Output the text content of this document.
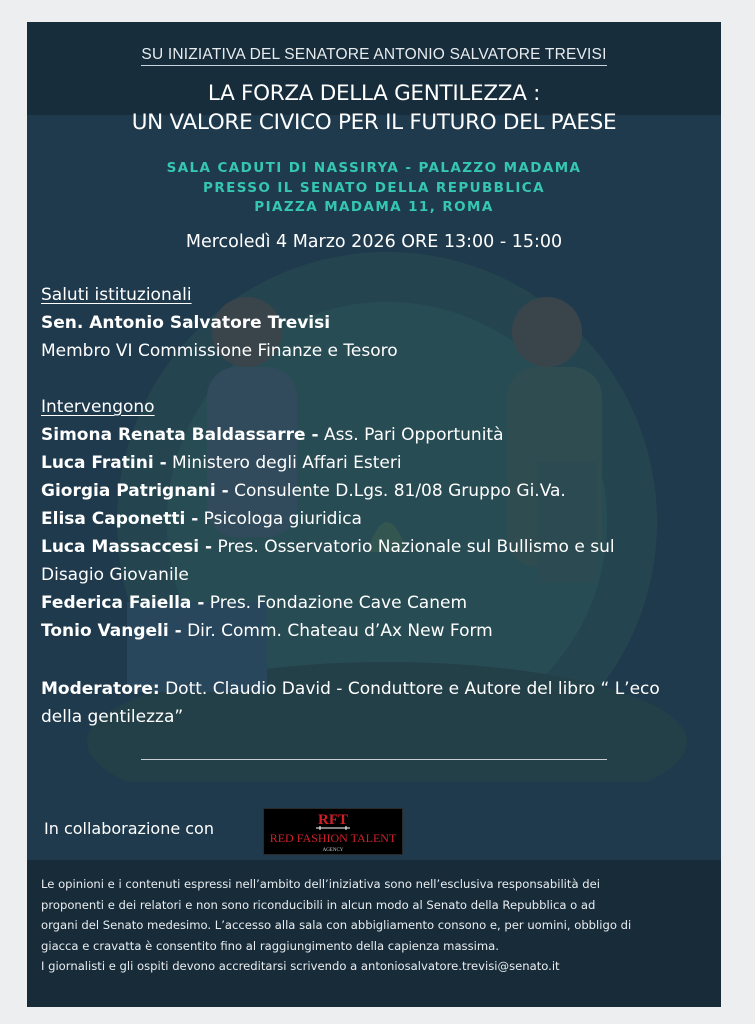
SU INIZIATIVA DEL SENATORE ANTONIO SALVATORE TREVISI
LA FORZA DELLA GENTILEZZA :
UN VALORE CIVICO PER IL FUTURO DEL PAESE
SALA CADUTI DI NASSIRYA - PALAZZO MADAMA
PRESSO IL SENATO DELLA REPUBBLICA
PIAZZA MADAMA 11, ROMA
Mercoledì 4 Marzo 2026 ORE 13:00 - 15:00
Saluti istituzionali
Sen. Antonio Salvatore Trevisi
Membro VI Commissione Finanze e Tesoro
Intervengono
Simona Renata Baldassarre - Ass. Pari Opportunità
Luca Fratini - Ministero degli Affari Esteri
Giorgia Patrignani - Consulente D.Lgs. 81/08 Gruppo Gi.Va.
Elisa Caponetti - Psicologa giuridica
Luca Massaccesi - Pres. Osservatorio Nazionale sul Bullismo e sul
Disagio Giovanile
Federica Faiella - Pres. Fondazione Cave Canem
Tonio Vangeli - Dir. Comm. Chateau d’Ax New Form
Moderatore: Dott. Claudio David - Conduttore e Autore del libro “ L’eco
della gentilezza”
In collaborazione con	RFT
RED FASHION TALENT
AGENCY
Le opinioni e i contenuti espressi nell’ambito dell’iniziativa sono nell’esclusiva responsabilità dei
proponenti e dei relatori e non sono riconducibili in alcun modo al Senato della Repubblica o ad
organi del Senato medesimo. L’accesso alla sala con abbigliamento consono e, per uomini, obbligo di
giacca e cravatta è consentito fino al raggiungimento della capienza massima.
I giornalisti e gli ospiti devono accreditarsi scrivendo a antoniosalvatore.trevisi@senato.it
